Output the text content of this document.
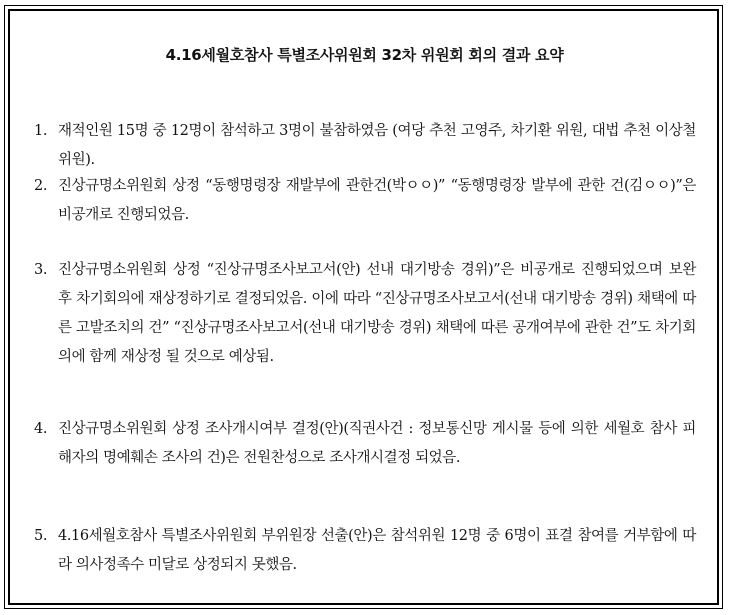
4.16세월호참사 특별조사위원회 32차 위원회 회의 결과 요약
1. 재적인원 15명 중 12명이 참석하고 3명이 불참하였음 (여당 추천 고영주, 차기환 위원, 대법 추천 이상철 위원).
2. 진상규명소위원회 상정 “동행명령장 재발부에 관한건(박ㅇㅇ)” “동행명령장 발부에 관한 건(김ㅇㅇ)”은 비공개로 진행되었음.
3. 진상규명소위원회 상정 “진상규명조사보고서(안) 선내 대기방송 경위)”은 비공개로 진행되었으며 보완 후 차기회의에 재상정하기로 결정되었음. 이에 따라 “진상규명조사보고서(선내 대기방송 경위) 채택에 따른 고발조치의 건” “진상규명조사보고서(선내 대기방송 경위) 채택에 따른 공개여부에 관한 건”도 차기회의에 함께 재상정 될 것으로 예상됨.
4. 진상규명소위원회 상정 조사개시여부 결정(안)(직권사건 : 정보통신망 게시물 등에 의한 세월호 참사 피해자의 명예훼손 조사의 건)은 전원찬성으로 조사개시결정 되었음.
5. 4.16세월호참사 특별조사위원회 부위원장 선출(안)은 참석위원 12명 중 6명이 표결 참여를 거부함에 따라 의사정족수 미달로 상정되지 못했음.
